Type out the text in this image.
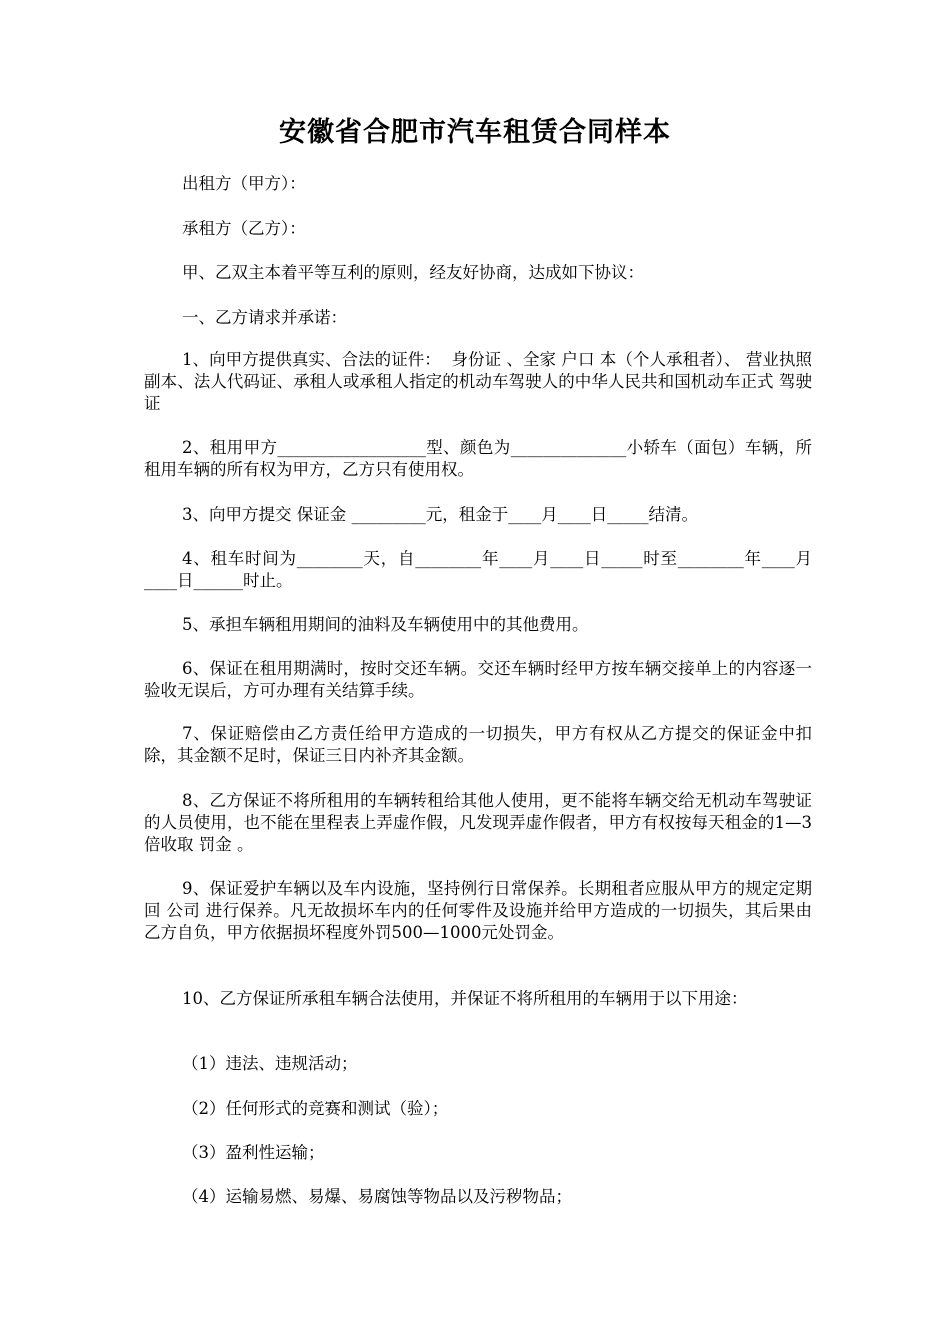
安徽省合肥市汽车租赁合同样本

出租方（甲方）：

承租方（乙方）：

甲、乙双主本着平等互利的原则，经友好协商，达成如下协议：

一、乙方请求并承诺：

1、向甲方提供真实、合法的证件：  身份证 、全家 户口 本（个人承租者）、 营业执照 副本、法人代码证、承租人或承租人指定的机动车驾驶人的中华人民共和国机动车正式 驾驶证

2、租用甲方__________________型、颜色为______________小轿车（面包）车辆，所租用车辆的所有权为甲方，乙方只有使用权。

3、向甲方提交 保证金 _________元，租金于____月____日_____结清。

4、租车时间为________天，自________年____月____日_____时至________年____月____日______时止。

5、承担车辆租用期间的油料及车辆使用中的其他费用。

6、保证在租用期满时，按时交还车辆。交还车辆时经甲方按车辆交接单上的内容逐一验收无误后，方可办理有关结算手续。

7、保证赔偿由乙方责任给甲方造成的一切损失，甲方有权从乙方提交的保证金中扣除，其金额不足时，保证三日内补齐其金额。

8、乙方保证不将所租用的车辆转租给其他人使用，更不能将车辆交给无机动车驾驶证的人员使用，也不能在里程表上弄虚作假，凡发现弄虚作假者，甲方有权按每天租金的1—3倍收取 罚金 。

9、保证爱护车辆以及车内设施，坚持例行日常保养。长期租者应服从甲方的规定定期回 公司 进行保养。凡无故损坏车内的任何零件及设施并给甲方造成的一切损失，其后果由乙方自负，甲方依据损坏程度外罚500—1000元处罚金。

10、乙方保证所承租车辆合法使用，并保证不将所租用的车辆用于以下用途：

（1）违法、违规活动；

（2）任何形式的竞赛和测试（验）；

（3）盈利性运输；

（4）运输易燃、易爆、易腐蚀等物品以及污秽物品；
